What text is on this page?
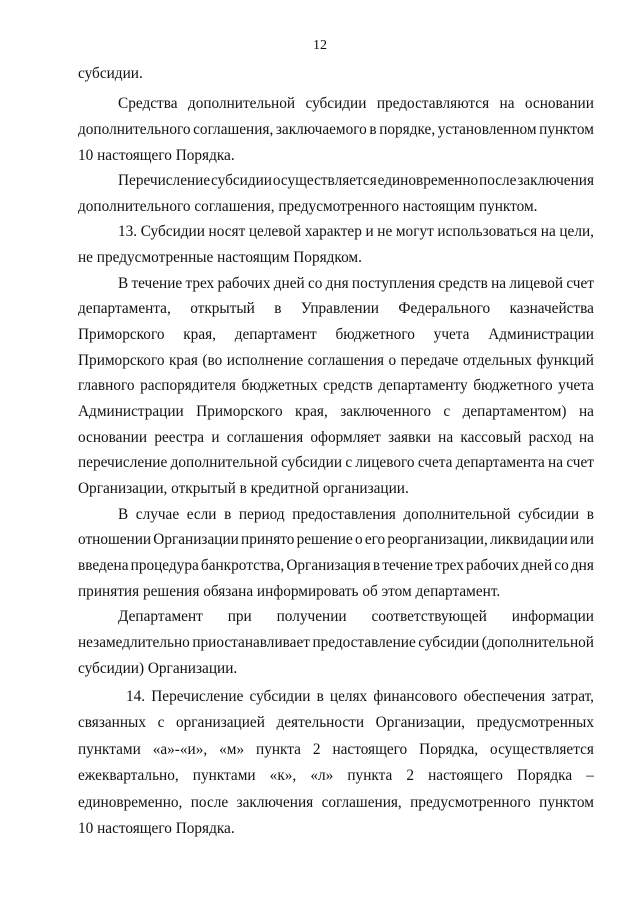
12
субсидии.
Средства дополнительной субсидии предоставляются на основании
дополнительного соглашения, заключаемого в порядке, установленном пунктом
10 настоящего Порядка.
Перечисление субсидии осуществляется единовременно после заключения
дополнительного соглашения, предусмотренного настоящим пунктом.
13. Субсидии носят целевой характер и не могут использоваться на цели,
не предусмотренные настоящим Порядком.
В течение трех рабочих дней со дня поступления средств на лицевой счет
департамента, открытый в Управлении Федерального казначейства
Приморского края, департамент бюджетного учета Администрации
Приморского края (во исполнение соглашения о передаче отдельных функций
главного распорядителя бюджетных средств департаменту бюджетного учета
Администрации Приморского края, заключенного с департаментом) на
основании реестра и соглашения оформляет заявки на кассовый расход на
перечисление дополнительной субсидии с лицевого счета департамента на счет
Организации, открытый в кредитной организации.
В случае если в период предоставления дополнительной субсидии в
отношении Организации принято решение о его реорганизации, ликвидации или
введена процедура банкротства, Организация в течение трех рабочих дней со дня
принятия решения обязана информировать об этом департамент.
Департамент при получении соответствующей информации
незамедлительно приостанавливает предоставление субсидии (дополнительной
субсидии) Организации.
14. Перечисление субсидии в целях финансового обеспечения затрат,
связанных с организацией деятельности Организации, предусмотренных
пунктами «а»-«и», «м» пункта 2 настоящего Порядка, осуществляется
ежеквартально, пунктами «к», «л» пункта 2 настоящего Порядка –
единовременно, после заключения соглашения, предусмотренного пунктом
10 настоящего Порядка.
